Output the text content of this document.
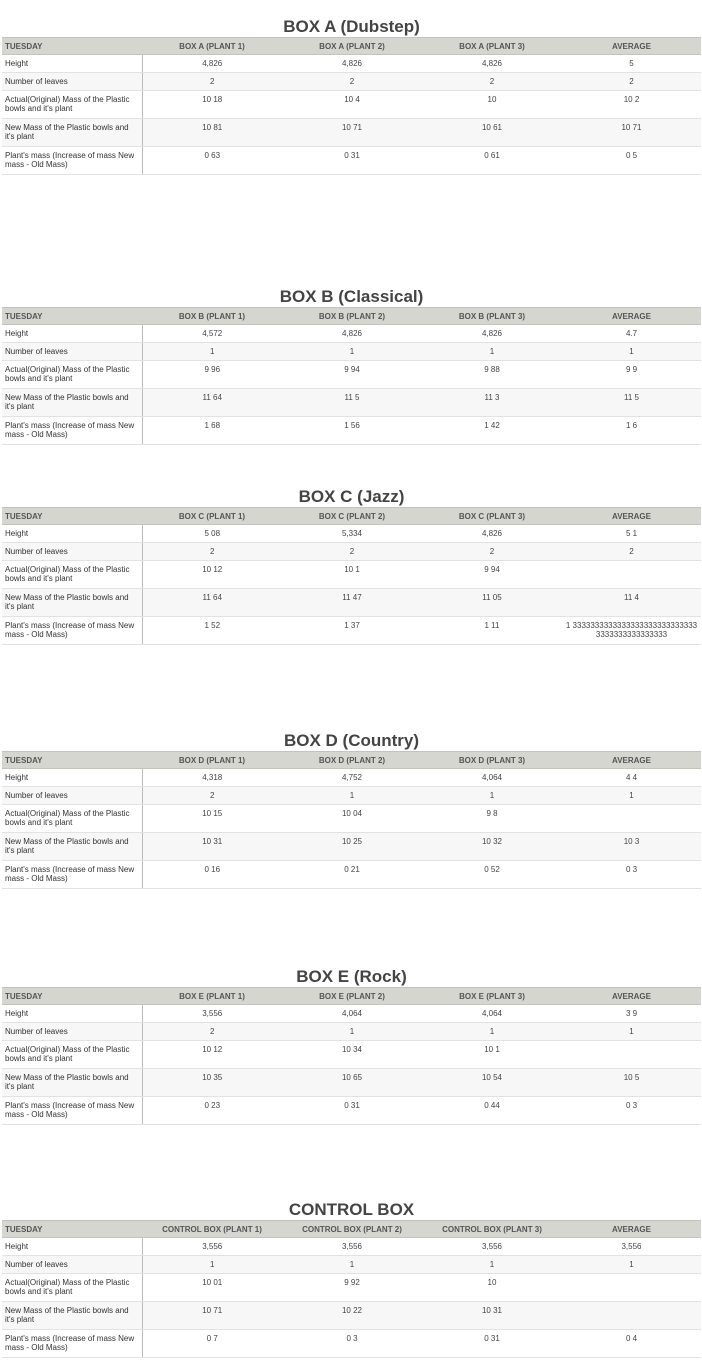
BOX A (Dubstep)
TUESDAY	BOX A (PLANT 1)	BOX A (PLANT 2)	BOX A (PLANT 3)	AVERAGE
Height	4,826	4,826	4,826	5
Number of leaves	2	2	2	2
Actual(Original) Mass of the Plastic bowls and it's plant	10 18	10 4	10	10 2
New Mass of the Plastic bowls and it's plant	10 81	10 71	10 61	10 71
Plant's mass (Increase of mass New mass - Old Mass)	0 63	0 31	0 61	0 5
BOX B (Classical)
TUESDAY	BOX B (PLANT 1)	BOX B (PLANT 2)	BOX B (PLANT 3)	AVERAGE
Height	4,572	4,826	4,826	4.7
Number of leaves	1	1	1	1
Actual(Original) Mass of the Plastic bowls and it's plant	9 96	9 94	9 88	9 9
New Mass of the Plastic bowls and it's plant	11 64	11 5	11 3	11 5
Plant's mass (Increase of mass New mass - Old Mass)	1 68	1 56	1 42	1 6
BOX C (Jazz)
TUESDAY	BOX C (PLANT 1)	BOX C (PLANT 2)	BOX C (PLANT 3)	AVERAGE
Height	5 08	5,334	4,826	5 1
Number of leaves	2	2	2	2
Actual(Original) Mass of the Plastic bowls and it's plant	10 12	10 1	9 94	
New Mass of the Plastic bowls and it's plant	11 64	11 47	11 05	11 4
Plant's mass (Increase of mass New mass - Old Mass)	1 52	1 37	1 11	1 33333333333333333333333333333333333333333333
BOX D (Country)
TUESDAY	BOX D (PLANT 1)	BOX D (PLANT 2)	BOX D (PLANT 3)	AVERAGE
Height	4,318	4,752	4,064	4 4
Number of leaves	2	1	1	1
Actual(Original) Mass of the Plastic bowls and it's plant	10 15	10 04	9 8	
New Mass of the Plastic bowls and it's plant	10 31	10 25	10 32	10 3
Plant's mass (Increase of mass New mass - Old Mass)	0 16	0 21	0 52	0 3
BOX E (Rock)
TUESDAY	BOX E (PLANT 1)	BOX E (PLANT 2)	BOX E (PLANT 3)	AVERAGE
Height	3,556	4,064	4,064	3 9
Number of leaves	2	1	1	1
Actual(Original) Mass of the Plastic bowls and it's plant	10 12	10 34	10 1	
New Mass of the Plastic bowls and it's plant	10 35	10 65	10 54	10 5
Plant's mass (Increase of mass New mass - Old Mass)	0 23	0 31	0 44	0 3
CONTROL BOX
TUESDAY	CONTROL BOX (PLANT 1)	CONTROL BOX (PLANT 2)	CONTROL BOX (PLANT 3)	AVERAGE
Height	3,556	3,556	3,556	3,556
Number of leaves	1	1	1	1
Actual(Original) Mass of the Plastic bowls and it's plant	10 01	9 92	10	
New Mass of the Plastic bowls and it's plant	10 71	10 22	10 31	
Plant's mass (Increase of mass New mass - Old Mass)	0 7	0 3	0 31	0 4
